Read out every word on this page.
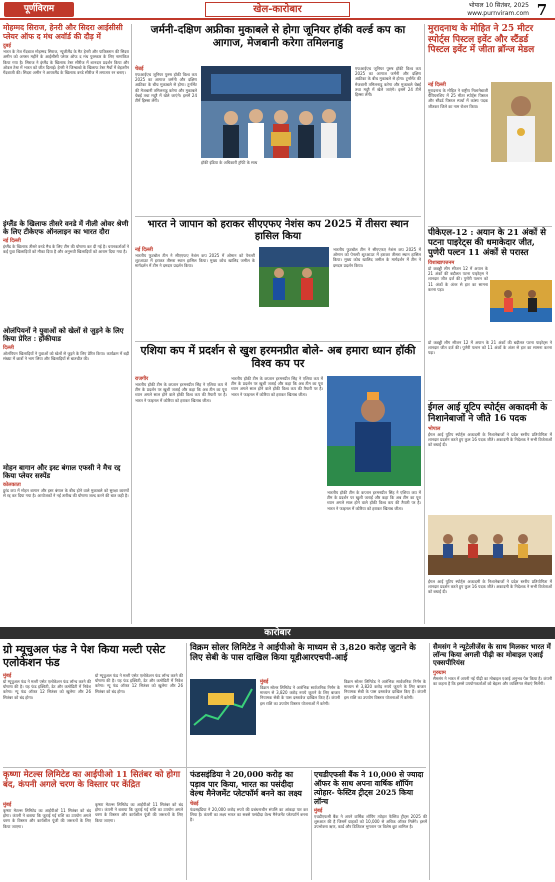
पूर्णविराम	खेल-कारोबार	भोपाल 10 सितंबर, 2025
www.purnviram.com 7
मोहम्मद सिराज, हेनरी और सिदरा आईसीसी प्लेयर ऑफ द मंथ अवॉर्ड की दौड़ में
दुबई
भारत के तेज गेंदबाज मोहम्मद सिराज, न्यूजीलैंड के मैट हेनरी और पाकिस्तान की सिदरा अमीन को अगस्त महीने के आईसीसी प्लेयर ऑफ द मंथ पुरस्कार के लिए नामांकित किया गया है। सिराज ने इंग्लैंड के खिलाफ टेस्ट सीरीज में शानदार प्रदर्शन किया और ओवल टेस्ट में भारत को जीत दिलाई। हेनरी ने जिम्बाब्वे के खिलाफ टेस्ट मैचों में बेहतरीन गेंदबाजी की। सिदरा अमीन ने आयरलैंड के खिलाफ वनडे सीरीज में लगातार रन बनाए।
इंग्लैंड के खिलाफ तीसरे वनडे में नीली ओवर श्रेणी के लिए टीकेएफ ऑनलाइन का भारत दौरा
नई दिल्ली
इंग्लैंड के खिलाफ तीसरे वनडे मैच के लिए टीम की घोषणा कर दी गई है। चयनकर्ताओं ने कई युवा खिलाड़ियों को मौका दिया है और अनुभवी खिलाड़ियों को आराम दिया गया है।
ओलंपियनों ने युवाओं को खेलों से जुड़ने के लिए किया प्रेरित : हॉकीयाड
दिल्ली
ओलंपियन खिलाड़ियों ने युवाओं को खेलों से जुड़ने के लिए प्रेरित किया। कार्यक्रम में बड़ी संख्या में छात्रों ने भाग लिया और खिलाड़ियों से बातचीत की।
मोहन बागान और इस्ट बंगाल एफसी ने मैच रद्द किया प्लेयर सस्पेंड
कोलकाता
डूरंड कप में मोहन बागान और इस्ट बंगाल के बीच होने वाले मुकाबले को सुरक्षा कारणों से रद्द कर दिया गया है। आयोजकों ने नई तारीख की घोषणा जल्द करने की बात कही है।
जर्मनी-दक्षिण अफ्रीका मुकाबले से होगा जूनियर हॉकी वर्ल्ड कप का आगाज, मेजबानी करेगा तमिलनाडु
चेन्नई
एफआईएच जूनियर पुरुष हॉकी विश्व कप 2025 का आगाज जर्मनी और दक्षिण अफ्रीका के बीच मुकाबले से होगा। टूर्नामेंट की मेजबानी तमिलनाडु करेगा और मुकाबले चेन्नई तथा मदुरै में खेले जाएंगे। इसमें 24 टीमें हिस्सा लेंगी।
हॉकी इंडिया के अधिकारी ट्रॉफी के साथ
एफआईएच जूनियर पुरुष हॉकी विश्व कप 2025 का आगाज जर्मनी और दक्षिण अफ्रीका के बीच मुकाबले से होगा। टूर्नामेंट की मेजबानी तमिलनाडु करेगा और मुकाबले चेन्नई तथा मदुरै में खेले जाएंगे। इसमें 24 टीमें हिस्सा लेंगी।
मुरादनाथ के मोहित ने 25 मीटर स्पोर्ट्स पिस्टल इवेंट और स्टैंडर्ड पिस्टल इवेंट में जीता ब्रॉन्ज मेडल
नई दिल्ली
मुरादनाथ के मोहित ने राष्ट्रीय निशानेबाजी चैंपियनशिप में 25 मीटर स्पोर्ट्स पिस्टल और स्टैंडर्ड पिस्टल स्पर्धा में कांस्य पदक जीतकर जिले का नाम रोशन किया।
भारत ने जापान को हराकर सीएएफए नेशंस कप 2025 में तीसरा स्थान हासिल किया
नई दिल्ली
भारतीय फुटबॉल टीम ने सीएएफए नेशंस कप 2025 में ओमान को पेनल्टी शूटआउट में हराकर तीसरा स्थान हासिल किया। मुख्य कोच खालिद जमील के मार्गदर्शन में टीम ने दमदार प्रदर्शन किया।
भारतीय फुटबॉल टीम ने सीएएफए नेशंस कप 2025 में ओमान को पेनल्टी शूटआउट में हराकर तीसरा स्थान हासिल किया। मुख्य कोच खालिद जमील के मार्गदर्शन में टीम ने दमदार प्रदर्शन किया।
पीकेएल-12 : अयान के 21 अंकों से पटना पाइरेट्स की धमाकेदार जीत, पुणेरी पल्टन 11 अंकों से परास्त
विशाखापत्तनम
प्रो कबड्डी लीग सीजन 12 में अयान के 21 अंकों की बदौलत पटना पाइरेट्स ने शानदार जीत दर्ज की। पुणेरी पल्टन को 11 अंकों के अंतर से हार का सामना करना पड़ा।
प्रो कबड्डी लीग सीजन 12 में अयान के 21 अंकों की बदौलत पटना पाइरेट्स ने शानदार जीत दर्ज की। पुणेरी पल्टन को 11 अंकों के अंतर से हार का सामना करना पड़ा।
एशिया कप में प्रदर्शन से खुश हरमनप्रीत बोले- अब हमारा ध्यान हॉकी विश्व कप पर
राजगीर
भारतीय हॉकी टीम के कप्तान हरमनप्रीत सिंह ने एशिया कप में टीम के प्रदर्शन पर खुशी जताई और कहा कि अब टीम का पूरा ध्यान अगले साल होने वाले हॉकी विश्व कप की तैयारी पर है। भारत ने फाइनल में कोरिया को हराकर खिताब जीता।
भारतीय हॉकी टीम के कप्तान हरमनप्रीत सिंह ने एशिया कप में टीम के प्रदर्शन पर खुशी जताई और कहा कि अब टीम का पूरा ध्यान अगले साल होने वाले हॉकी विश्व कप की तैयारी पर है। भारत ने फाइनल में कोरिया को हराकर खिताब जीता।
भारतीय हॉकी टीम के कप्तान हरमनप्रीत सिंह ने एशिया कप में टीम के प्रदर्शन पर खुशी जताई और कहा कि अब टीम का पूरा ध्यान अगले साल होने वाले हॉकी विश्व कप की तैयारी पर है। भारत ने फाइनल में कोरिया को हराकर खिताब जीता।
ईगल आई यूटिप स्पोर्ट्स अकादमी के निशानेबाजों ने जीते 16 पदक
भोपाल
ईगल आई यूटिप स्पोर्ट्स अकादमी के निशानेबाजों ने प्रदेश स्तरीय प्रतियोगिता में शानदार प्रदर्शन करते हुए कुल 16 पदक जीते। अकादमी के निदेशक ने सभी विजेताओं को बधाई दी।
ईगल आई यूटिप स्पोर्ट्स अकादमी के निशानेबाजों ने प्रदेश स्तरीय प्रतियोगिता में शानदार प्रदर्शन करते हुए कुल 16 पदक जीते। अकादमी के निदेशक ने सभी विजेताओं को बधाई दी।
कारोबार
ग्रो म्यूचुअल फंड ने पेश किया मल्टी एसेट एलोकेशन फंड
मुंबई
ग्रो म्यूचुअल फंड ने मल्टी एसेट एलोकेशन फंड लॉन्च करने की घोषणा की है। यह फंड इक्विटी, डेट और कमोडिटी में निवेश करेगा। न्यू फंड ऑफर 12 सितंबर को खुलेगा और 26 सितंबर को बंद होगा।
ग्रो म्यूचुअल फंड ने मल्टी एसेट एलोकेशन फंड लॉन्च करने की घोषणा की है। यह फंड इक्विटी, डेट और कमोडिटी में निवेश करेगा। न्यू फंड ऑफर 12 सितंबर को खुलेगा और 26 सितंबर को बंद होगा।
विक्रम सोलर लिमिटेड ने आईपीओ के माध्यम से 3,820 करोड़ जुटाने के लिए सेबी के पास दाखिल किया यूडीआरएचपी-आई
मुंबई
विक्रम सोलर लिमिटेड ने आरंभिक सार्वजनिक निर्गम के माध्यम से 3,820 करोड़ रुपये जुटाने के लिए बाजार नियामक सेबी के पास दस्तावेज दाखिल किए हैं। कंपनी इस राशि का उपयोग विस्तार योजनाओं में करेगी।
विक्रम सोलर लिमिटेड ने आरंभिक सार्वजनिक निर्गम के माध्यम से 3,820 करोड़ रुपये जुटाने के लिए बाजार नियामक सेबी के पास दस्तावेज दाखिल किए हैं। कंपनी इस राशि का उपयोग विस्तार योजनाओं में करेगी।
सैमसंग ने न्यूटेलीजेंस के साथ मिलकर भारत में लॉन्च किया अगली पीढ़ी का मोबाइल एआई एक्सपीरियंस
गुरुग्राम
सैमसंग ने भारत में अपनी नई पीढ़ी का मोबाइल एआई अनुभव पेश किया है। कंपनी का कहना है कि इससे उपयोगकर्ताओं को बेहतर और व्यक्तिगत सेवाएं मिलेंगी।
कृष्णा मेटल्स लिमिटेड का आईपीओ 11 सितंबर को होगा बंद, कंपनी अगले चरण के विस्तार पर केंद्रित
मुंबई
कृष्णा मेटल्स लिमिटेड का आईपीओ 11 सितंबर को बंद होगा। कंपनी ने बताया कि जुटाई गई राशि का उपयोग अगले चरण के विस्तार और कार्यशील पूंजी की जरूरतों के लिए किया जाएगा।
कृष्णा मेटल्स लिमिटेड का आईपीओ 11 सितंबर को बंद होगा। कंपनी ने बताया कि जुटाई गई राशि का उपयोग अगले चरण के विस्तार और कार्यशील पूंजी की जरूरतों के लिए किया जाएगा।
फंडसइंडिया ने 20,000 करोड़ का पड़ाव पार किया, भारत का पसंदीदा वेल्थ मैनेजमेंट प्लेटफॉर्म बनने का लक्ष्य
चेन्नई
फंडसइंडिया ने 20,000 करोड़ रुपये की प्रबंधनाधीन संपत्ति का आंकड़ा पार कर लिया है। कंपनी का लक्ष्य भारत का सबसे पसंदीदा वेल्थ मैनेजमेंट प्लेटफॉर्म बनना है।
एचडीएफसी बैंक ने 10,000 से ज्यादा ऑफर के साथ अपना वार्षिक शॉपिंग त्योहार- फेस्टिव ट्रीट्स 2025 किया लॉन्च
मुंबई
एचडीएफसी बैंक ने अपने वार्षिक शॉपिंग त्योहार फेस्टिव ट्रीट्स 2025 की शुरुआत की है जिसमें ग्राहकों को 10,000 से अधिक ऑफर मिलेंगे। इसमें उपभोक्ता ऋण, कार्ड और डिजिटल भुगतान पर विशेष छूट शामिल है।
